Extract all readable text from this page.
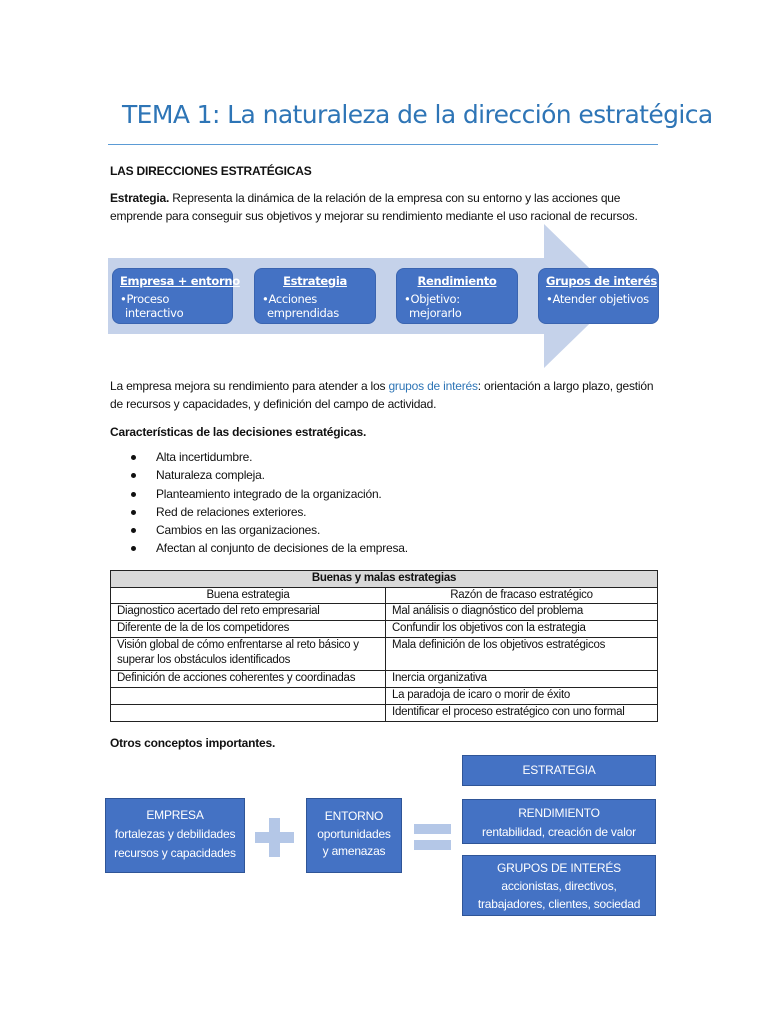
TEMA 1: La naturaleza de la dirección estratégica
LAS DIRECCIONES ESTRATÉGICAS
Estrategia. Representa la dinámica de la relación de la empresa con su entorno y las acciones que
emprende para conseguir sus objetivos y mejorar su rendimiento mediante el uso racional de recursos.
Empresa + entorno
•Proceso
interactivo
Estrategia
•Acciones
emprendidas
Rendimiento
•Objetivo:
mejorarlo
Grupos de interés
•Atender objetivos
La empresa mejora su rendimiento para atender a los grupos de interés: orientación a largo plazo, gestión
de recursos y capacidades, y definición del campo de actividad.
Características de las decisiones estratégicas.
Alta incertidumbre.
Naturaleza compleja.
Planteamiento integrado de la organización.
Red de relaciones exteriores.
Cambios en las organizaciones.
Afectan al conjunto de decisiones de la empresa.
Buenas y malas estrategias	
Buena estrategia	Razón de fracaso estratégico
Diagnostico acertado del reto empresarial	Mal análisis o diagnóstico del problema
Diferente de la de los competidores	Confundir los objetivos con la estrategia
Visión global de cómo enfrentarse al reto básico y superar los obstáculos identificados	Mala definición de los objetivos estratégicos
Definición de acciones coherentes y coordinadas	Inercia organizativa
	La paradoja de icaro o morir de éxito
	Identificar el proceso estratégico con uno formal
Otros conceptos importantes.
EMPRESA
fortalezas y debilidades
recursos y capacidades
ENTORNO
oportunidades
y amenazas
ESTRATEGIA
RENDIMIENTO
rentabilidad, creación de valor
GRUPOS DE INTERÉS
accionistas, directivos,
trabajadores, clientes, sociedad
